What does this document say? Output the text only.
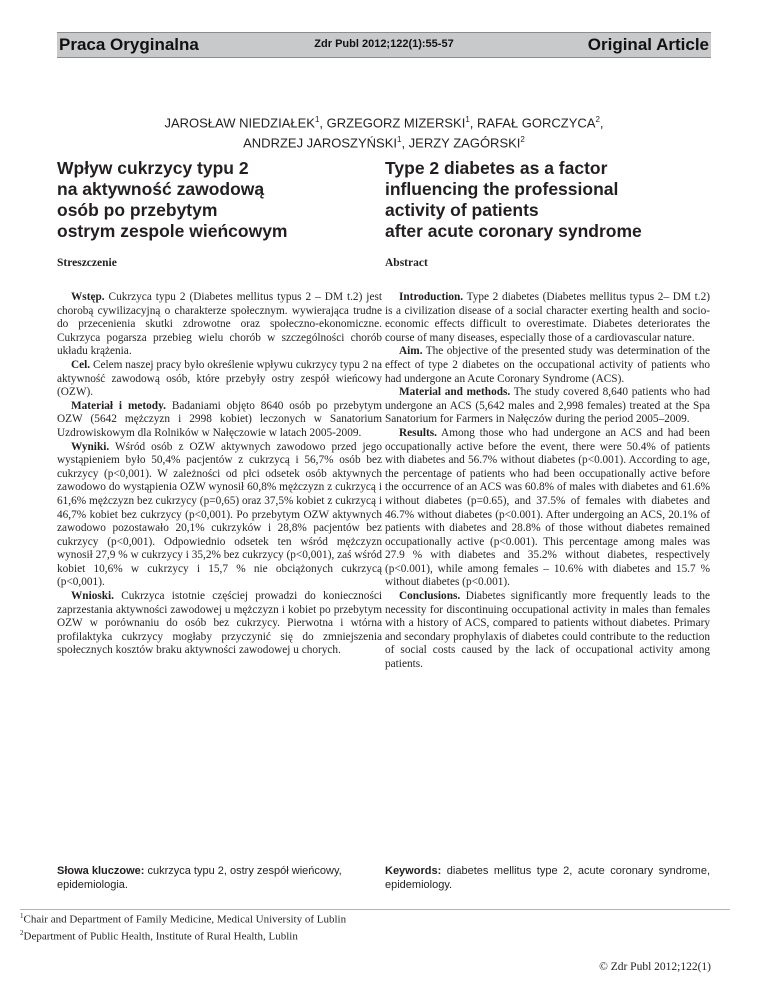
Praca Oryginalna	Zdr Publ 2012;122(1):55-57	Original Article
JAROSŁAW NIEDZIAŁEK$^1$, GRZEGORZ MIZERSKI$^1$, RAFAŁ GORCZYCA$^2$,
ANDRZEJ JAROSZYŃSKI$^1$, JERZY ZAGÓRSKI$^2$
Wpływ cukrzycy typu 2
na aktywność zawodową
osób po przebytym
ostrym zespole wieńcowym
Type 2 diabetes as a factor
influencing the professional
activity of patients
after acute coronary syndrome
Streszczenie	Abstract

Wstęp. Cukrzyca typu 2 (Diabetes mellitus typus 2 – DM t.2) jest chorobą cywilizacyjną o charakterze społecznym. wywierająca trudne do przecenienia skutki zdrowotne oraz społeczno-ekonomiczne. Cukrzyca pogarsza przebieg wielu chorób w szczególności chorób układu krążenia.

Cel. Celem naszej pracy było określenie wpływu cukrzycy typu 2 na aktywność zawodową osób, które przebyły ostry zespół wieńcowy (OZW).

Materiał i metody. Badaniami objęto 8640 osób po przebytym OZW (5642 mężczyzn i 2998 kobiet) leczonych w Sanatorium Uzdrowiskowym dla Rolników w Nałęczowie w latach 2005-2009.

Wyniki. Wśród osób z OZW aktywnych zawodowo przed jego wystąpieniem było 50,4% pacjentów z cukrzycą i 56,7% osób bez cukrzycy (p<0,001). W zależności od płci odsetek osób aktywnych zawodowo do wystąpienia OZW wynosił 60,8% mężczyzn z cukrzycą i 61,6% mężczyzn bez cukrzycy (p=0,65) oraz 37,5% kobiet z cukrzycą i 46,7% kobiet bez cukrzycy (p<0,001). Po przebytym OZW aktywnych zawodowo pozostawało 20,1% cukrzyków i 28,8% pacjentów bez cukrzycy (p<0,001). Odpowiednio odsetek ten wśród mężczyzn wynosił 27,9 % w cukrzycy i 35,2% bez cukrzycy (p<0,001), zaś wśród kobiet 10,6% w cukrzycy i 15,7 % nie obciążonych cukrzycą (p<0,001).

Wnioski. Cukrzyca istotnie częściej prowadzi do konieczności zaprzestania aktywności zawodowej u mężczyzn i kobiet po przebytym OZW w porównaniu do osób bez cukrzycy. Pierwotna i wtórna profilaktyka cukrzycy mogłaby przyczynić się do zmniejszenia społecznych kosztów braku aktywności zawodowej u chorych.

Introduction. Type 2 diabetes (Diabetes mellitus typus 2– DM t.2) is a civilization disease of a social character exerting health and socio-economic effects difficult to overestimate. Diabetes deteriorates the course of many diseases, especially those of a cardiovascular nature.

Aim. The objective of the presented study was determination of the effect of type 2 diabetes on the occupational activity of patients who had undergone an Acute Coronary Syndrome (ACS).

Material and methods. The study covered 8,640 patients who had undergone an ACS (5,642 males and 2,998 females) treated at the Spa Sanatorium for Farmers in Nałęczów during the period 2005–2009.

Results. Among those who had undergone an ACS and had been occupationally active before the event, there were 50.4% of patients with diabetes and 56.7% without diabetes (p<0.001). According to age, the percentage of patients who had been occupationally active before the occurrence of an ACS was 60.8% of males with diabetes and 61.6% without diabetes (p=0.65), and 37.5% of females with diabetes and 46.7% without diabetes (p<0.001). After undergoing an ACS, 20.1% of patients with diabetes and 28.8% of those without diabetes remained occupationally active (p<0.001). This percentage among males was 27.9 % with diabetes and 35.2% without diabetes, respectively (p<0.001), while among females – 10.6% with diabetes and 15.7 % without diabetes (p<0.001).

Conclusions. Diabetes significantly more frequently leads to the necessity for discontinuing occupational activity in males than females with a history of ACS, compared to patients without diabetes. Primary and secondary prophylaxis of diabetes could contribute to the reduction of social costs caused by the lack of occupational activity among patients.

Słowa kluczowe: cukrzyca typu 2, ostry zespół wieńcowy, epidemiologia.
Keywords: diabetes mellitus type 2, acute coronary syndrome, epidemiology.
$^1$Chair and Department of Family Medicine, Medical University of Lublin
$^2$Department of Public Health, Institute of Rural Health, Lublin
© Zdr Publ 2012;122(1)
